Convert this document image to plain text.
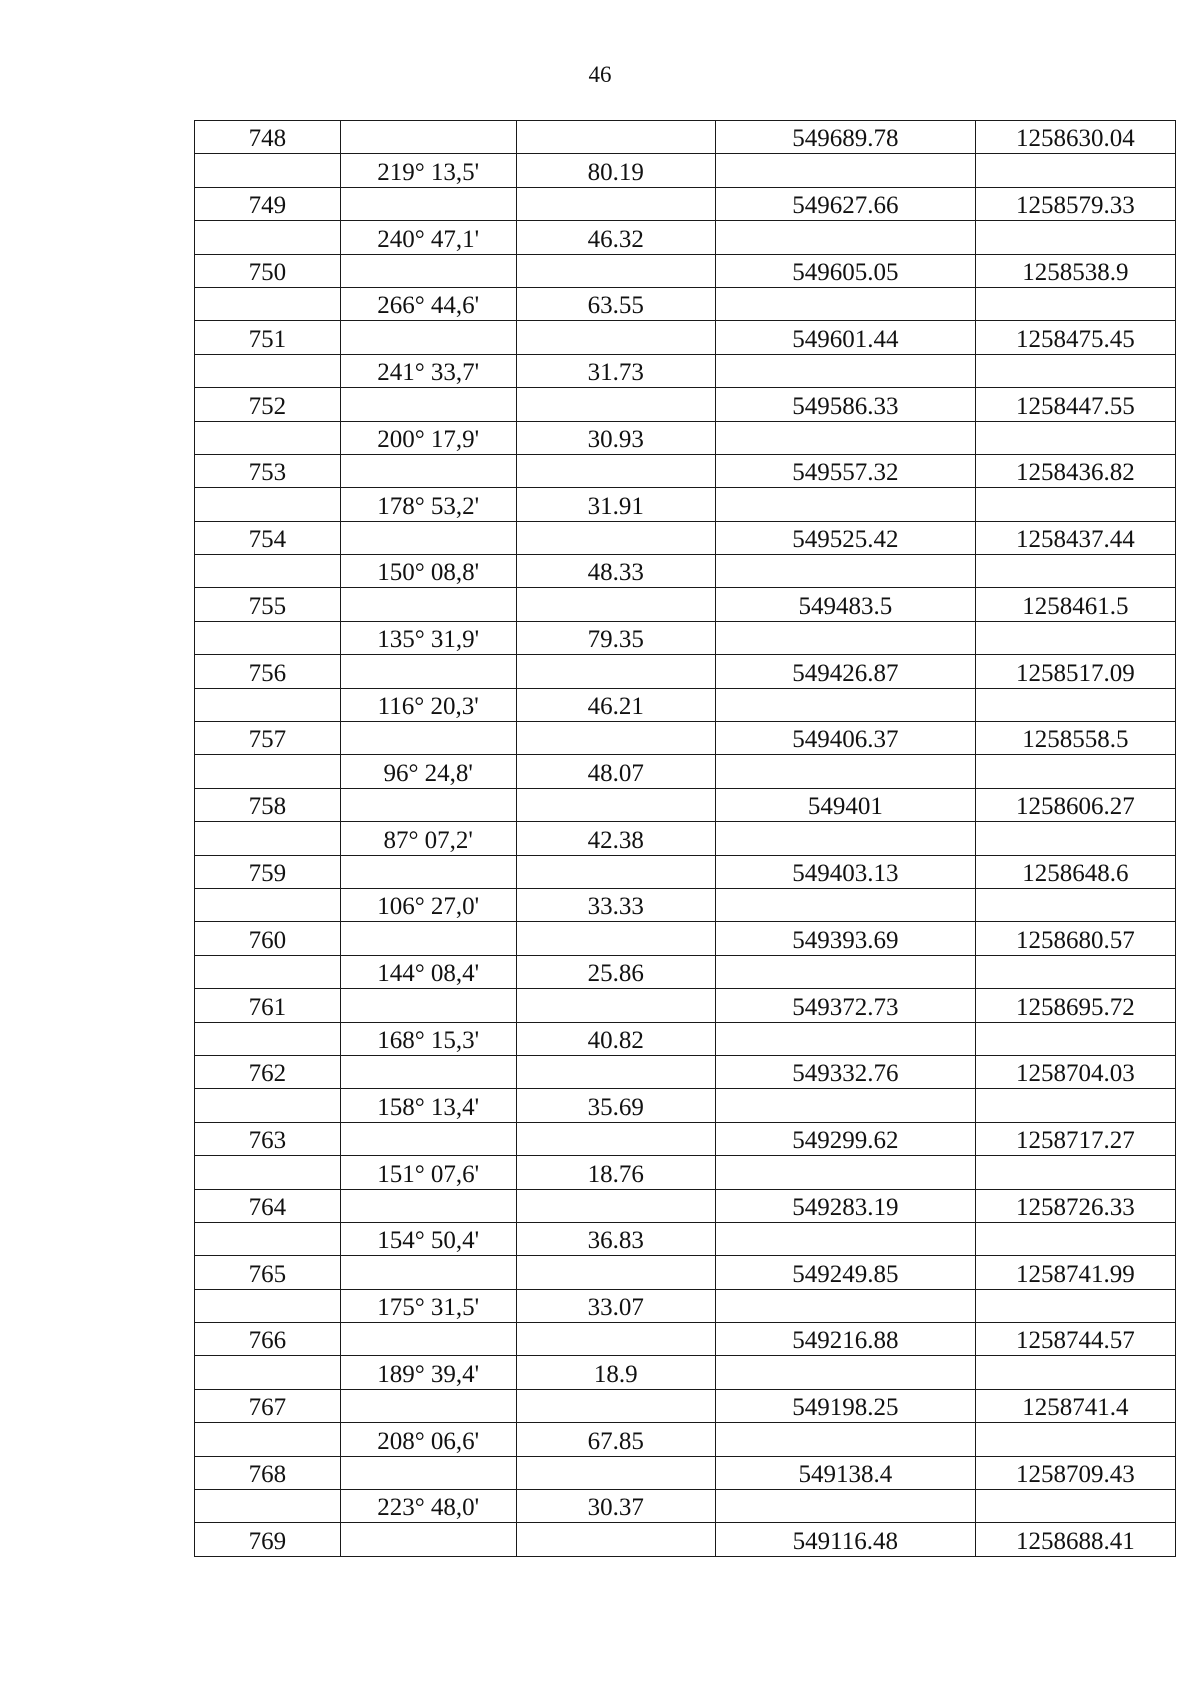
46
748			549689.78	1258630.04
	219° 13,5'	80.19		
749			549627.66	1258579.33
	240° 47,1'	46.32		
750			549605.05	1258538.9
	266° 44,6'	63.55		
751			549601.44	1258475.45
	241° 33,7'	31.73		
752			549586.33	1258447.55
	200° 17,9'	30.93		
753			549557.32	1258436.82
	178° 53,2'	31.91		
754			549525.42	1258437.44
	150° 08,8'	48.33		
755			549483.5	1258461.5
	135° 31,9'	79.35		
756			549426.87	1258517.09
	116° 20,3'	46.21		
757			549406.37	1258558.5
	96° 24,8'	48.07		
758			549401	1258606.27
	87° 07,2'	42.38		
759			549403.13	1258648.6
	106° 27,0'	33.33		
760			549393.69	1258680.57
	144° 08,4'	25.86		
761			549372.73	1258695.72
	168° 15,3'	40.82		
762			549332.76	1258704.03
	158° 13,4'	35.69		
763			549299.62	1258717.27
	151° 07,6'	18.76		
764			549283.19	1258726.33
	154° 50,4'	36.83		
765			549249.85	1258741.99
	175° 31,5'	33.07		
766			549216.88	1258744.57
	189° 39,4'	18.9		
767			549198.25	1258741.4
	208° 06,6'	67.85		
768			549138.4	1258709.43
	223° 48,0'	30.37		
769			549116.48	1258688.41
